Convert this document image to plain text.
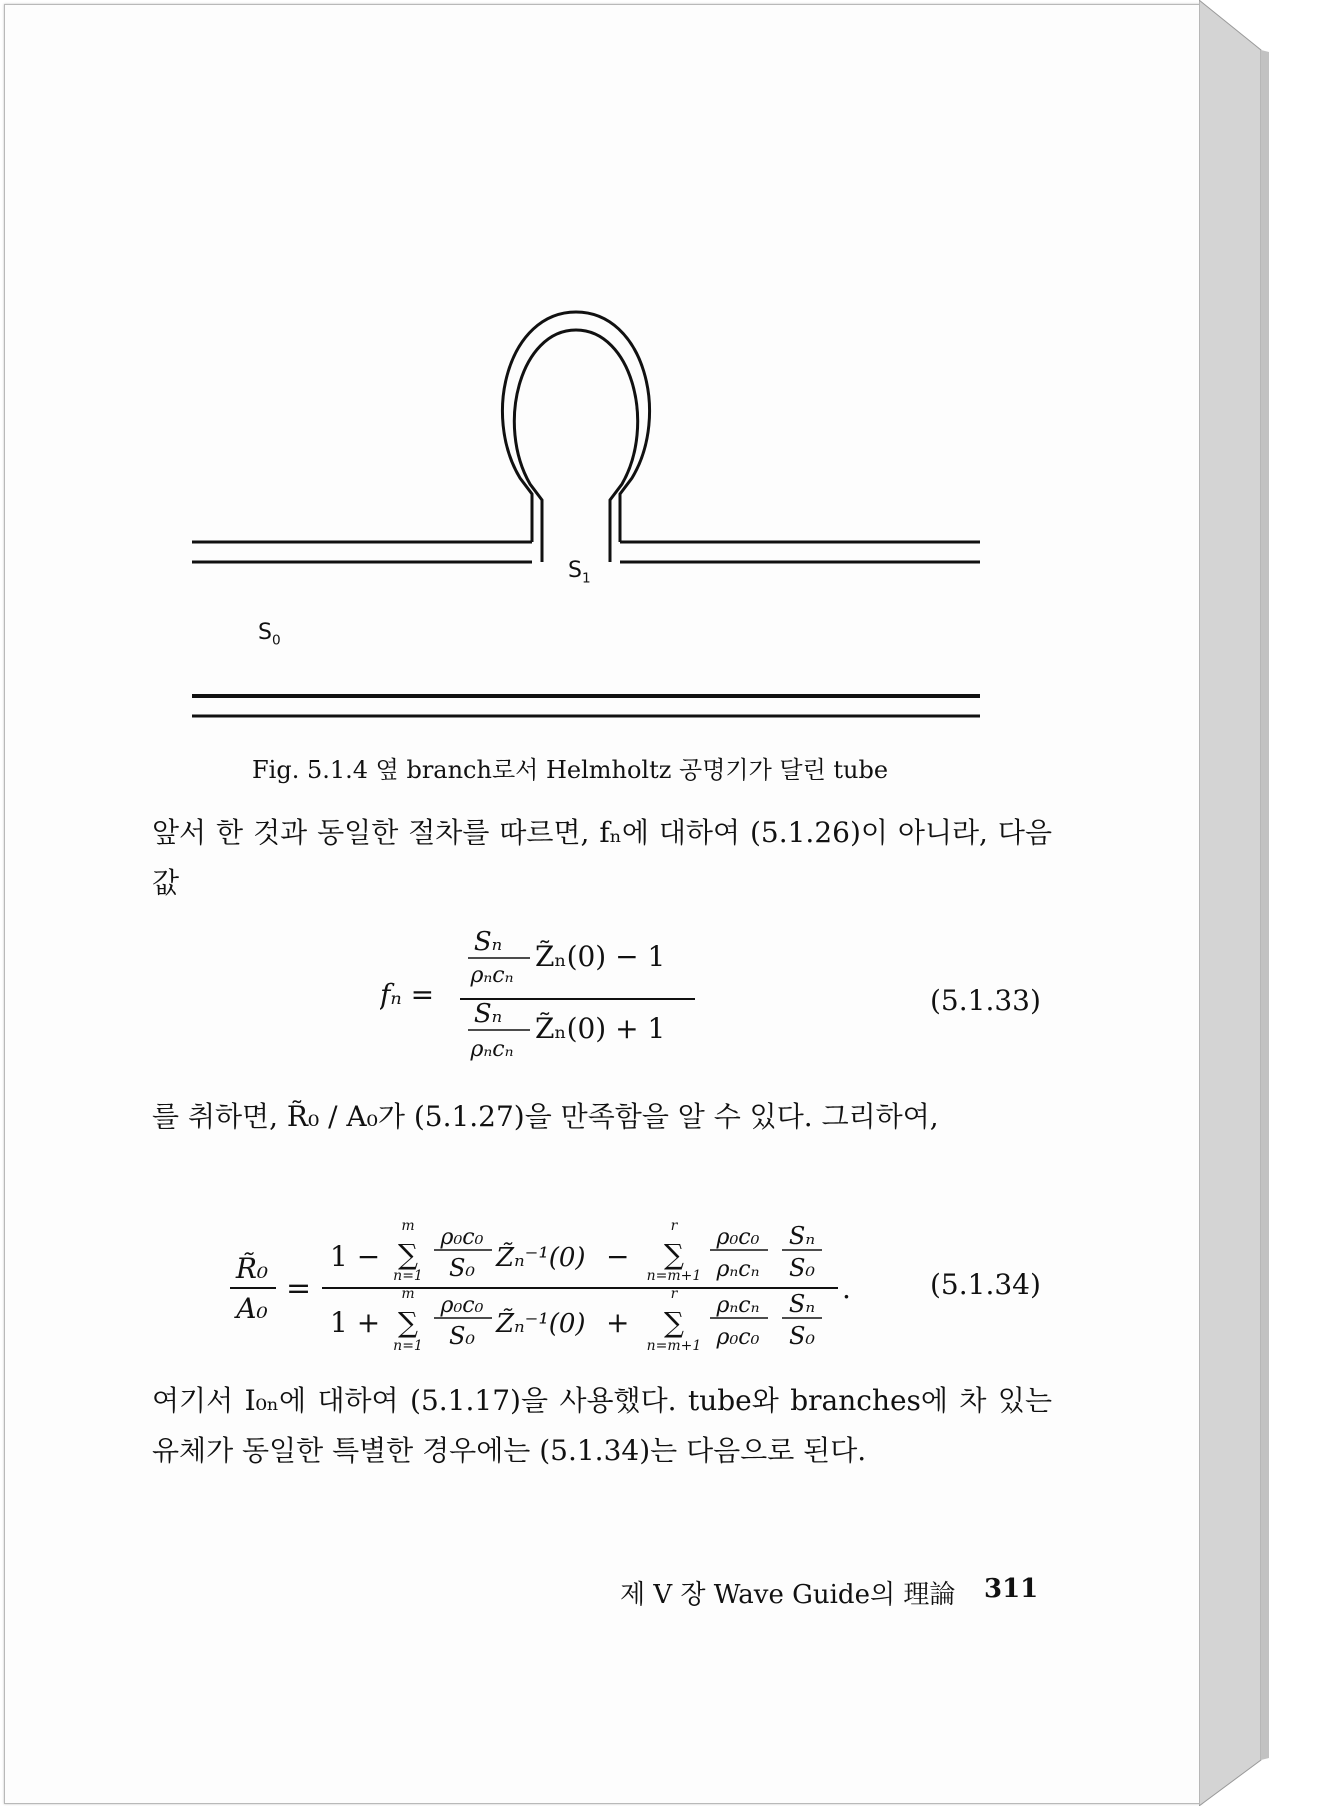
$S_1$
$S_0$
Fig. 5.1.4 옆 branch로서 Helmholtz 공명기가 달린 tube

앞서 한 것과 동일한 절차를 따르면, fₙ에 대하여 (5.1.26)이 아니라, 다음 값

fₙ =
Sₙ
ρₙcₙ
Z̃ₙ(0) − 1
Sₙ
ρₙcₙ
Z̃ₙ(0) + 1
(5.1.33)

를 취하면, R̃₀ / A₀가 (5.1.27)을 만족함을 알 수 있다. 그리하여,

R̃₀
A₀
=
1 −
m
∑
n=1
ρ₀c₀
S₀ Z̃ₙ⁻¹(0) −
r
∑
n=m+1
ρ₀c₀
ρₙcₙ
Sₙ
S₀
1 +
m
∑
n=1
ρ₀c₀
S₀ Z̃ₙ⁻¹(0) +
r
∑
n=m+1
ρₙcₙ
ρ₀c₀
Sₙ
S₀
.	(5.1.34)

여기서 I₀ₙ에 대하여 (5.1.17)을 사용했다. tube와 branches에 차 있는 유체가 동일한 특별한 경우에는 (5.1.34)는 다음으로 된다.

제 Ⅴ 장 Wave Guide의 理論 311
